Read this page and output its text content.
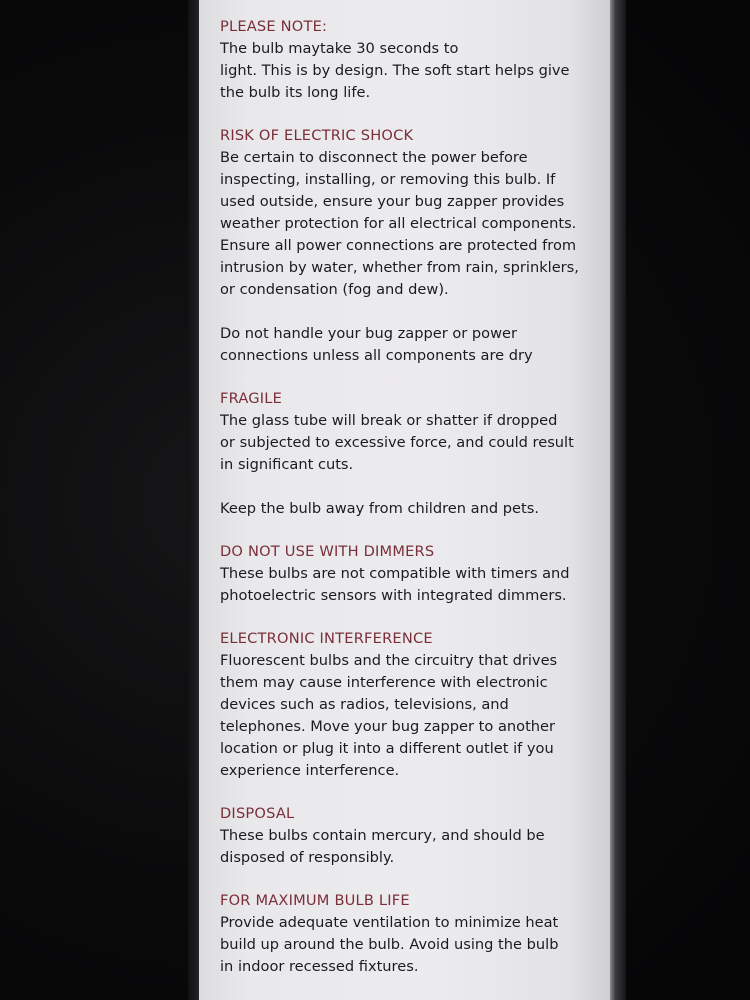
PLEASE NOTE:
The bulb maytake 30 seconds to
light. This is by design. The soft start helps give
the bulb its long life.
RISK OF ELECTRIC SHOCK
Be certain to disconnect the power before
inspecting, installing, or removing this bulb. If
used outside, ensure your bug zapper provides
weather protection for all electrical components.
Ensure all power connections are protected from
intrusion by water, whether from rain, sprinklers,
or condensation (fog and dew).
Do not handle your bug zapper or power
connections unless all components are dry
FRAGILE
The glass tube will break or shatter if dropped
or subjected to excessive force, and could result
in significant cuts.
Keep the bulb away from children and pets.
DO NOT USE WITH DIMMERS
These bulbs are not compatible with timers and
photoelectric sensors with integrated dimmers.
ELECTRONIC INTERFERENCE
Fluorescent bulbs and the circuitry that drives
them may cause interference with electronic
devices such as radios, televisions, and
telephones. Move your bug zapper to another
location or plug it into a different outlet if you
experience interference.
DISPOSAL
These bulbs contain mercury, and should be
disposed of responsibly.
FOR MAXIMUM BULB LIFE
Provide adequate ventilation to minimize heat
build up around the bulb. Avoid using the bulb
in indoor recessed fixtures.
